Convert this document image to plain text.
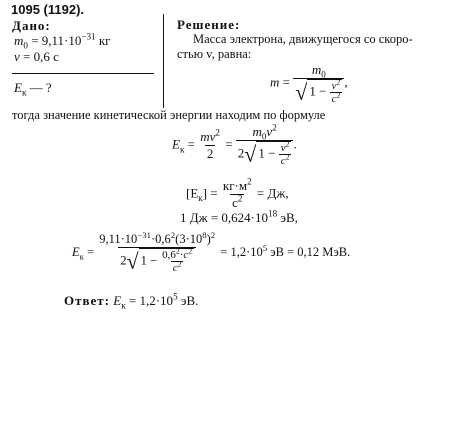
1095 (1192).
Дано:
$m_0 = 9,11\cdot 10^{-31}$ кг
v = 0,6 c
$E_к$ — ?
Решение:
Масса электрона, движущегося со скоро-
стью v, равна:
$m = \frac{m_0}{√ 1 - \frac{v^2}{c^2}}$ ,
тогда значение кинетической энергии находим по формуле
$E_к = \frac{mv^2}{2} = \frac{m_0v^2}{2√ 1 - \frac{v^2}{c^2}}$ .
$[E_к] = \frac{кг\cdot м^2}{с^2}$ = Дж,
1 Дж = $0,624\cdot 10^{18}$ эВ,
$E_к = \frac{9,11\cdot 10^{-31}\cdot 0,6^2(3\cdot 10^8)^2}{2√ 1 - \frac{0,6^2\cdot c^2}{c^2}} = 1,2\cdot 10^5$ эВ = 0,12 МэВ.
Ответ: $E_к = 1,2\cdot 10^5$ эВ.
